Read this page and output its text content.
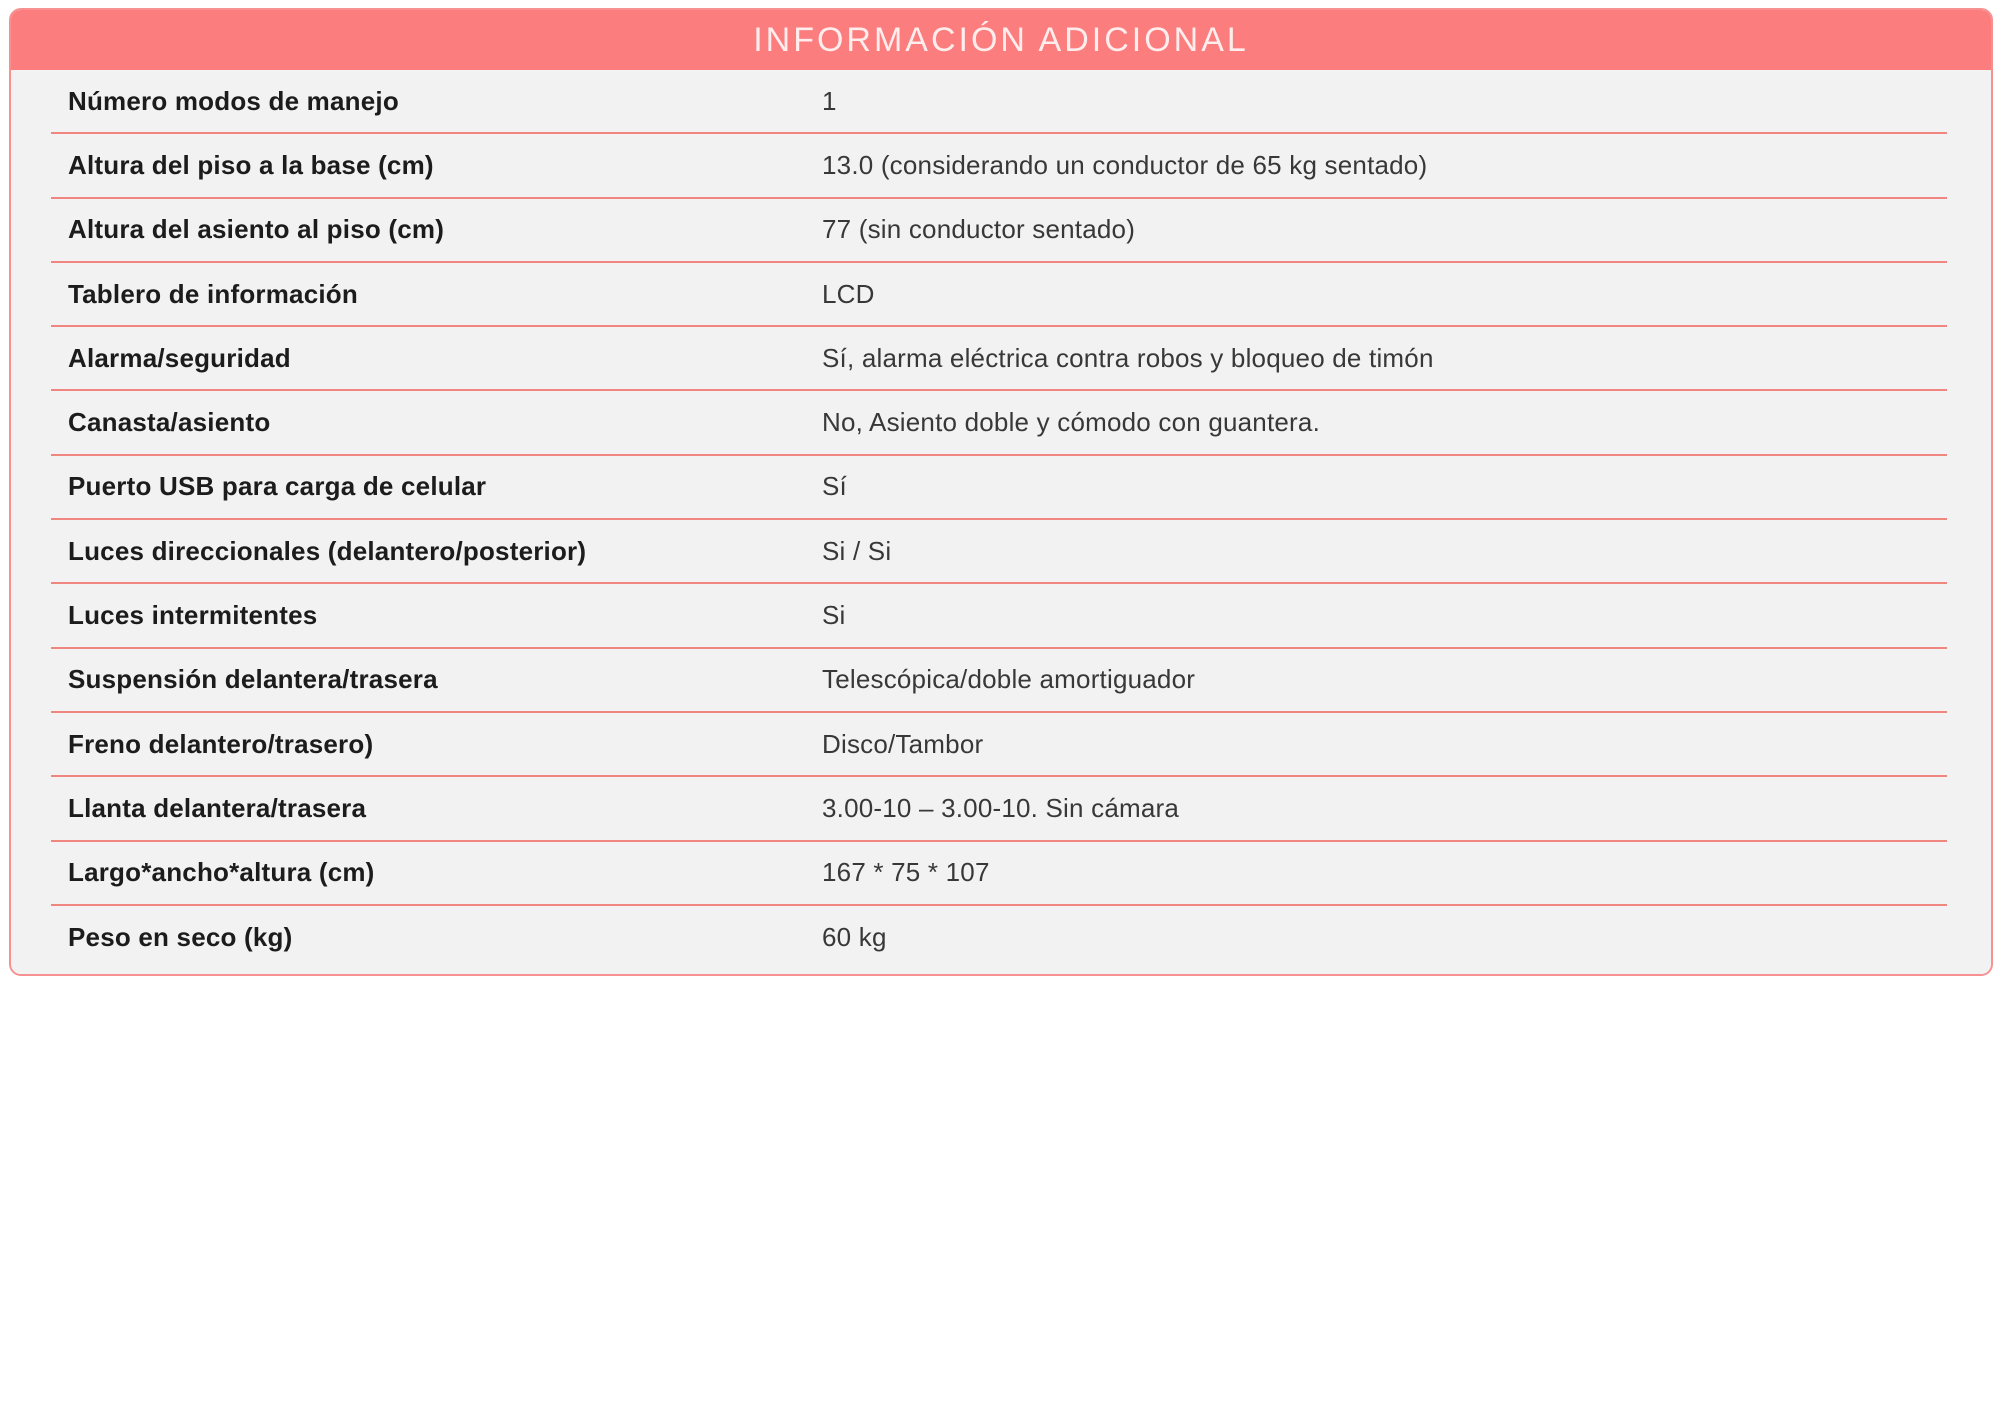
INFORMACIÓN ADICIONAL
Número modos de manejo	1
Altura del piso a la base (cm)	13.0 (considerando un conductor de 65 kg sentado)
Altura del asiento al piso (cm)	77 (sin conductor sentado)
Tablero de información	LCD
Alarma/seguridad	Sí, alarma eléctrica contra robos y bloqueo de timón
Canasta/asiento	No, Asiento doble y cómodo con guantera.
Puerto USB para carga de celular	Sí
Luces direccionales (delantero/posterior)	Si / Si
Luces intermitentes	Si
Suspensión delantera/trasera	Telescópica/doble amortiguador
Freno delantero/trasero)	Disco/Tambor
Llanta delantera/trasera	3.00-10 – 3.00-10. Sin cámara
Largo*ancho*altura (cm)	167 * 75 * 107
Peso en seco (kg)	60 kg
